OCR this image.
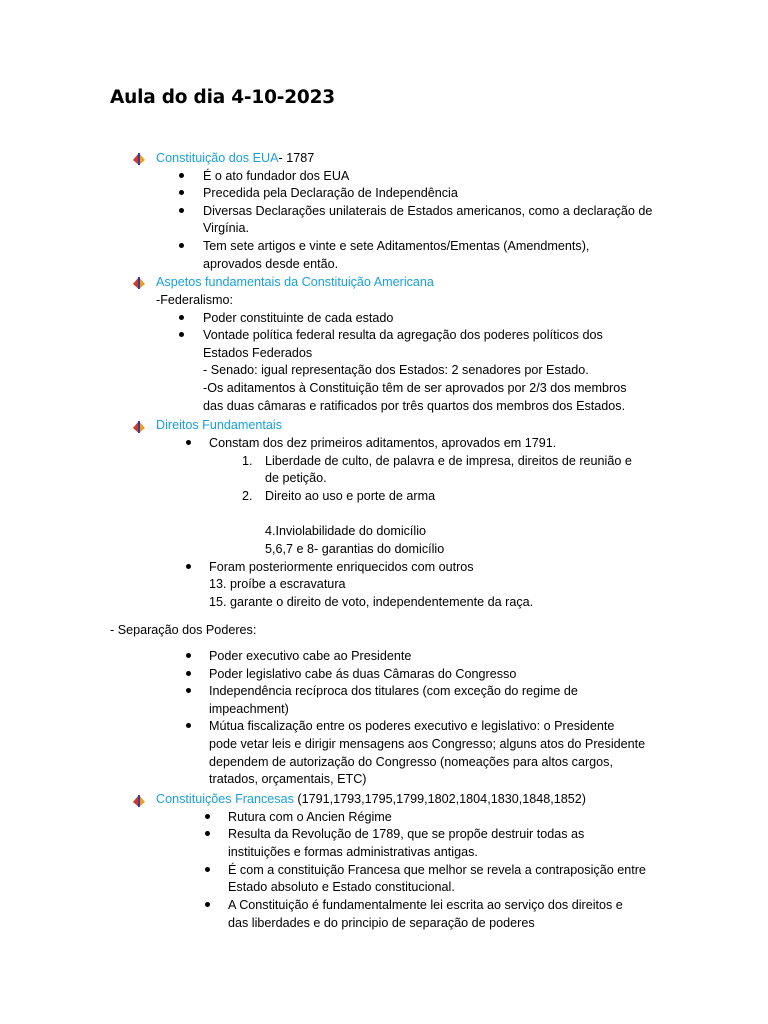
Aula do dia 4-10-2023
Constituição dos EUA- 1787
É o ato fundador dos EUA
Precedida pela Declaração de Independência
Diversas Declarações unilaterais de Estados americanos, como a declaração de
Virgínia.
Tem sete artigos e vinte e sete Aditamentos/Ementas (Amendments),
aprovados desde então.
Aspetos fundamentais da Constituição Americana
-Federalismo:
Poder constituinte de cada estado
Vontade política federal resulta da agregação dos poderes políticos dos
Estados Federados
- Senado: igual representação dos Estados: 2 senadores por Estado.
-Os aditamentos à Constituição têm de ser aprovados por 2/3 dos membros
das duas câmaras e ratificados por três quartos dos membros dos Estados.
Direitos Fundamentais
Constam dos dez primeiros aditamentos, aprovados em 1791.
1. Liberdade de culto, de palavra e de impresa, direitos de reunião e
de petição.
2. Direito ao uso e porte de arma
4.Inviolabilidade do domicílio
5,6,7 e 8- garantias do domicílio
Foram posteriormente enriquecidos com outros
13. proíbe a escravatura
15. garante o direito de voto, independentemente da raça.
- Separação dos Poderes:
Poder executivo cabe ao Presidente
Poder legislativo cabe ás duas Câmaras do Congresso
Independência recíproca dos titulares (com exceção do regime de
impeachment)
Mútua fiscalização entre os poderes executivo e legislativo: o Presidente
pode vetar leis e dirigir mensagens aos Congresso; alguns atos do Presidente
dependem de autorização do Congresso (nomeações para altos cargos,
tratados, orçamentais, ETC)
Constituições Francesas (1791,1793,1795,1799,1802,1804,1830,1848,1852)
Rutura com o Ancien Régime
Resulta da Revolução de 1789, que se propõe destruir todas as
instituições e formas administrativas antigas.
É com a constituição Francesa que melhor se revela a contraposição entre
Estado absoluto e Estado constitucional.
A Constituição é fundamentalmente lei escrita ao serviço dos direitos e
das liberdades e do principio de separação de poderes
